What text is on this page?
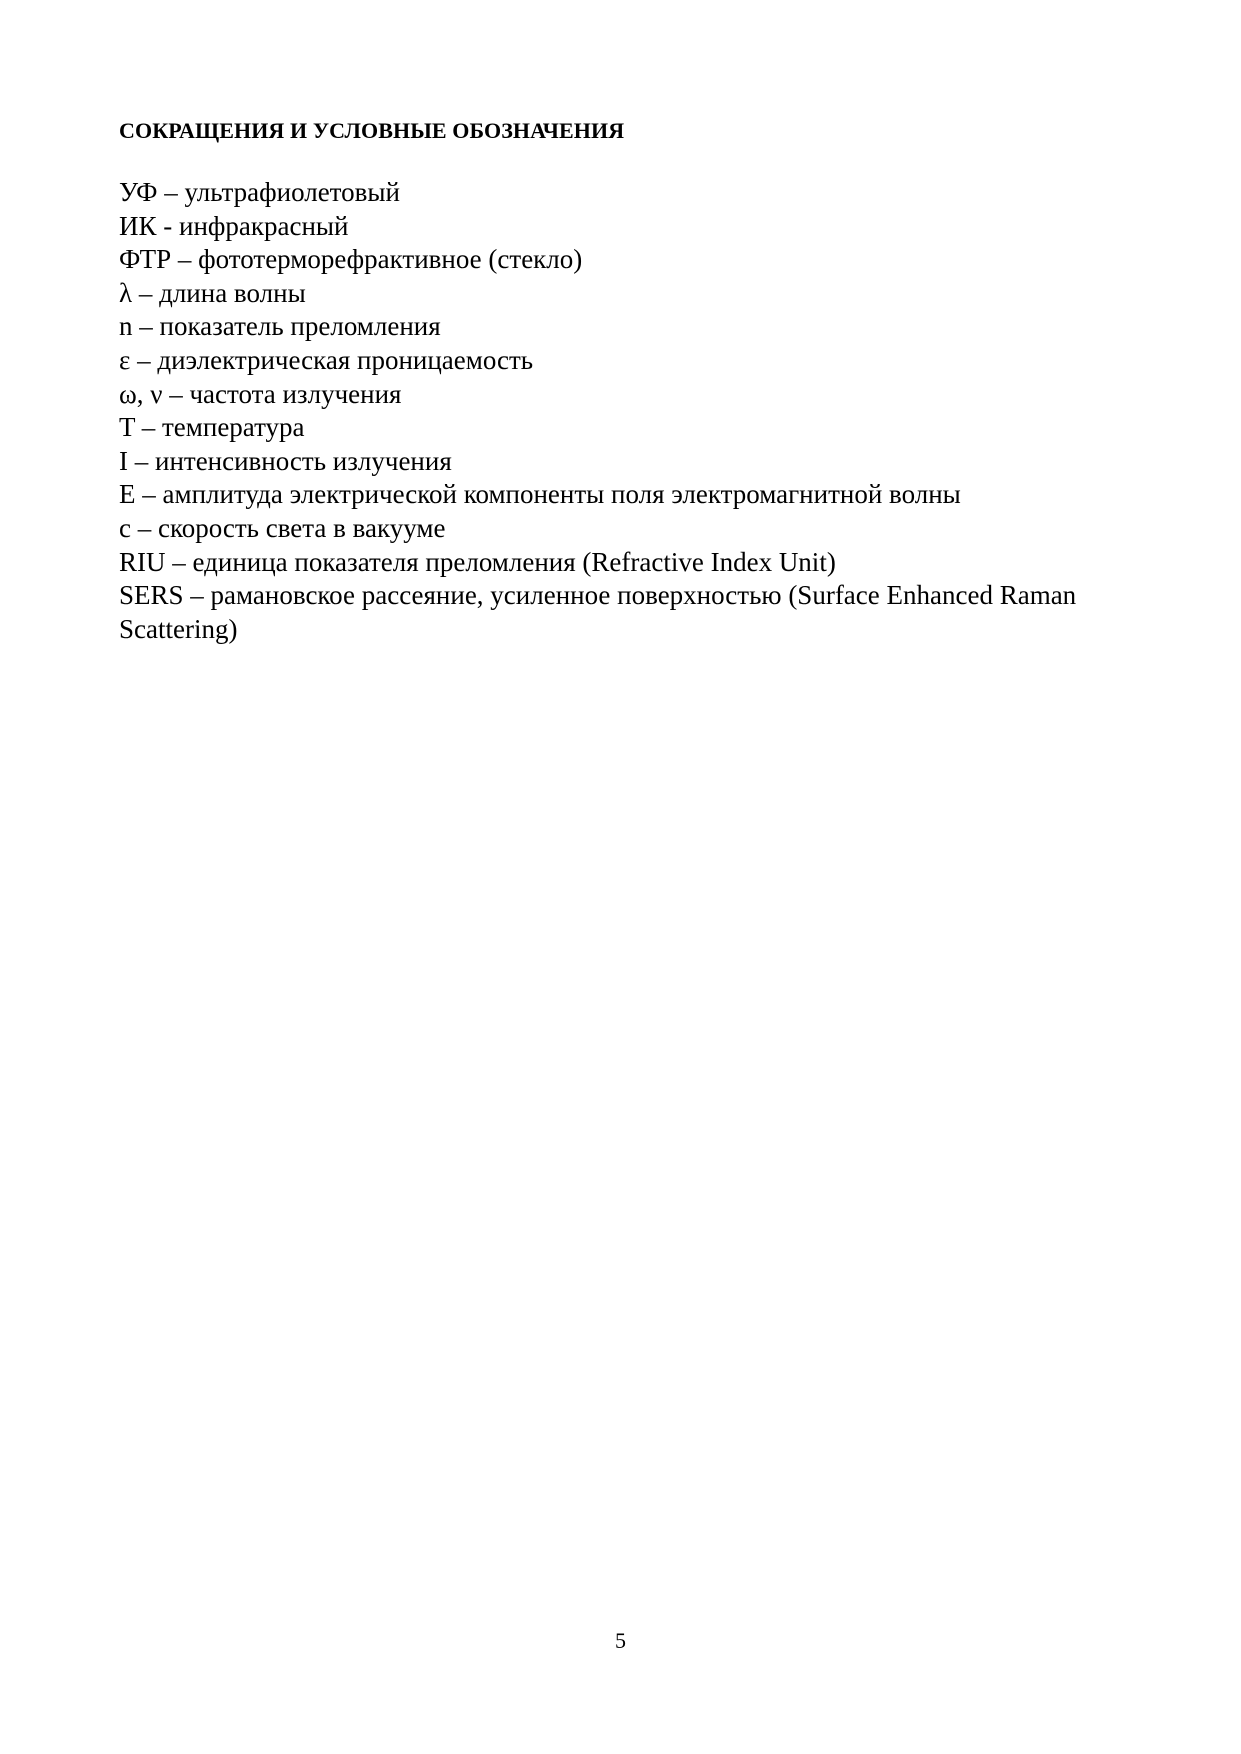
СОКРАЩЕНИЯ И УСЛОВНЫЕ ОБОЗНАЧЕНИЯ
УФ – ультрафиолетовый
ИК - инфракрасный
ФТР – фототерморефрактивное (стекло)
λ – длина волны
n – показатель преломления
ε – диэлектрическая проницаемость
ω, ν – частота излучения
T – температура
I – интенсивность излучения
E – амплитуда электрической компоненты поля электромагнитной волны
c – скорость света в вакууме
RIU – единица показателя преломления (Refractive Index Unit)
SERS – рамановское рассеяние, усиленное поверхностью (Surface Enhanced Raman Scattering)
5
